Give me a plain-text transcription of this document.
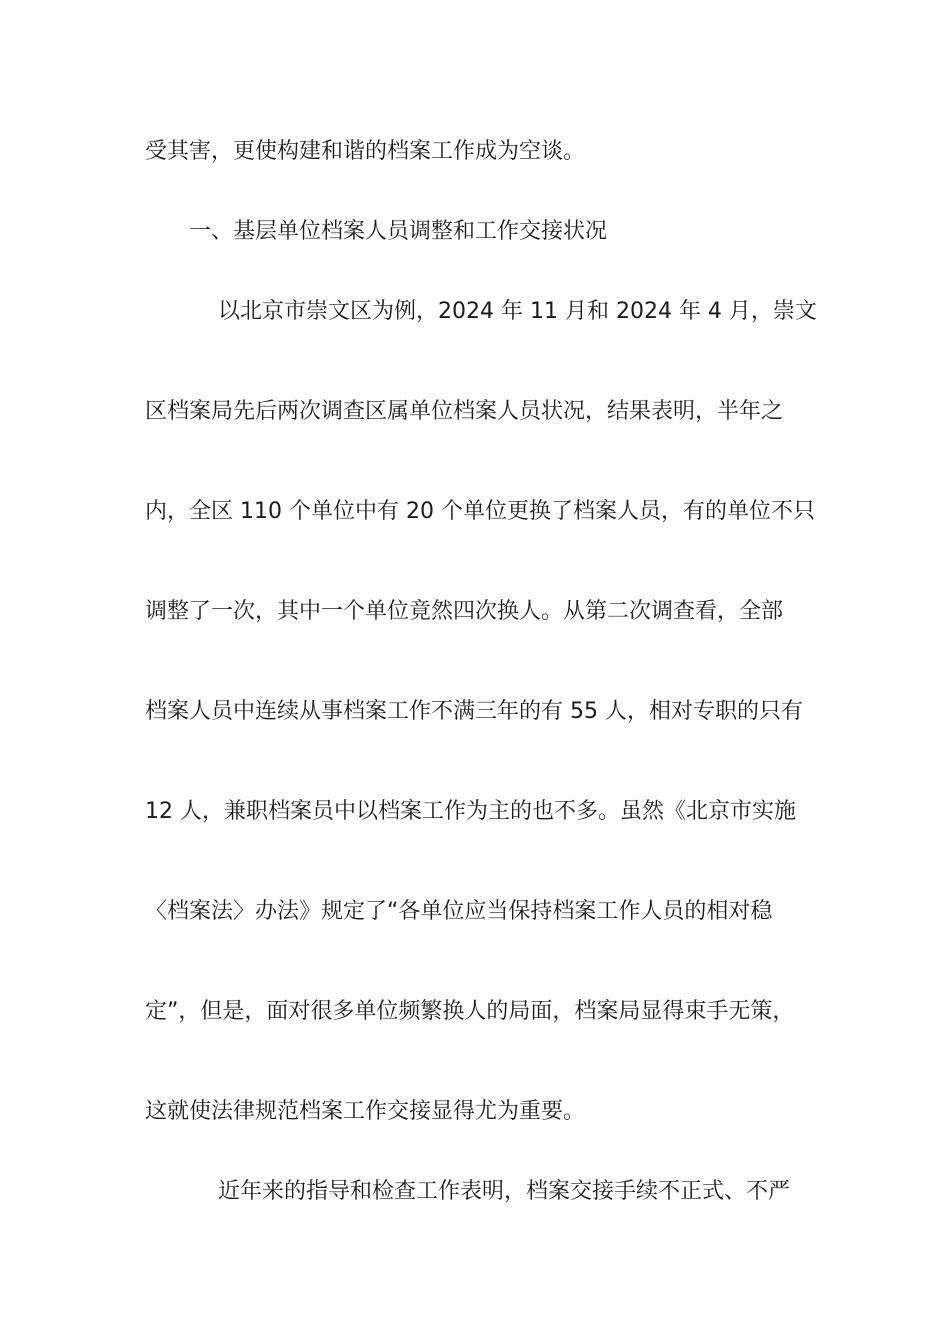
受其害，更使构建和谐的档案工作成为空谈。
一、基层单位档案人员调整和工作交接状况
以北京市崇文区为例，2024 年 11 月和 2024 年 4 月，崇文
区档案局先后两次调查区属单位档案人员状况，结果表明，半年之
内，全区 110 个单位中有 20 个单位更换了档案人员，有的单位不只
调整了一次，其中一个单位竟然四次换人。从第二次调查看，全部
档案人员中连续从事档案工作不满三年的有 55 人，相对专职的只有
12 人，兼职档案员中以档案工作为主的也不多。虽然《北京市实施
〈档案法〉办法》规定了“各单位应当保持档案工作人员的相对稳
定”，但是，面对很多单位频繁换人的局面，档案局显得束手无策，
这就使法律规范档案工作交接显得尤为重要。
近年来的指导和检查工作表明，档案交接手续不正式、不严
